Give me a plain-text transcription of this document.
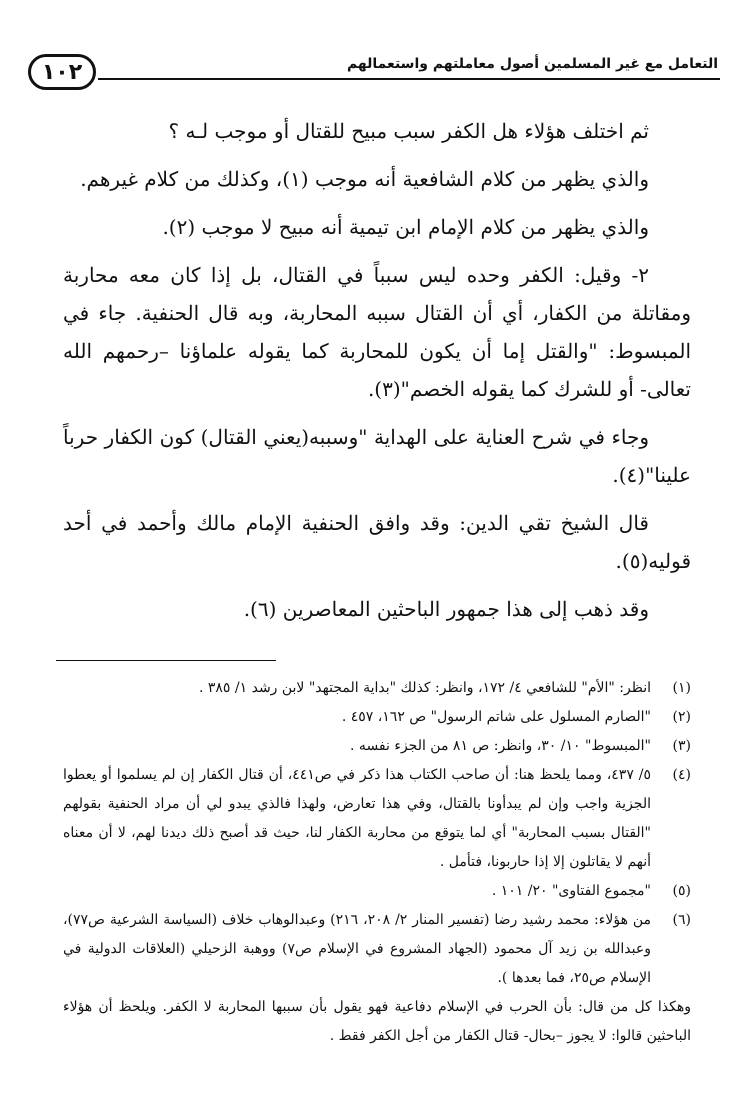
التعامل مع غير المسلمين أصول معاملتهم واستعمالهم
١٠٢

ثم اختلف هؤلاء هل الكفر سبب مبيح للقتال أو موجب لـه ؟

والذي يظهر من كلام الشافعية أنه موجب (١)، وكذلك من كلام غيرهم.

والذي يظهر من كلام الإمام ابن تيمية أنه مبيح لا موجب (٢).

٢- وقيل: الكفر وحده ليس سبباً في القتال، بل إذا كان معه محاربة ومقاتلة من الكفار، أي أن القتال سببه المحاربة، وبه قال الحنفية. جاء في المبسوط: "والقتل إما أن يكون للمحاربة كما يقوله علماؤنا –رحمهم الله تعالى- أو للشرك كما يقوله الخصم"(٣).

وجاء في شرح العناية على الهداية "وسببه(يعني القتال) كون الكفار حرباً علينا"(٤).

قال الشيخ تقي الدين: وقد وافق الحنفية الإمام مالك وأحمد في أحد قوليه(٥).

وقد ذهب إلى هذا جمهور الباحثين المعاصرين (٦).

(١)
انظر: "الأم" للشافعي ٤/ ١٧٢، وانظر: كذلك "بداية المجتهد" لابن رشد ١/ ٣٨٥ .
(٢)
"الصارم المسلول على شاتم الرسول" ص ١٦٢، ٤٥٧ .
(٣)
"المبسوط" ١٠/ ٣٠، وانظر: ص ٨١ من الجزء نفسه .
(٤)
٥/ ٤٣٧، ومما يلحظ هنا: أن صاحب الكتاب هذا ذكر في ص٤٤١، أن قتال الكفار إن لم يسلموا أو يعطوا الجزية واجب وإن لم يبدأونا بالقتال، وفي هذا تعارض، ولهذا فالذي يبدو لي أن مراد الحنفية بقولهم "القتال بسبب المحاربة" أي لما يتوقع من محاربة الكفار لنا، حيث قد أصبح ذلك ديدنا لهم، لا أن معناه أنهم لا يقاتلون إلا إذا حاربونا، فتأمل .
(٥)
"مجموع الفتاوى" ٢٠/ ١٠١ .
(٦)
من هؤلاء: محمد رشيد رضا (تفسير المنار ٢/ ٢٠٨، ٢١٦) وعبدالوهاب خلاف (السياسة الشرعية ص٧٧)، وعبدالله بن زيد آل محمود (الجهاد المشروع في الإسلام ص٧) ووهبة الزحيلي (العلاقات الدولية في الإسلام ص٢٥، فما بعدها ).

وهكذا كل من قال: بأن الحرب في الإسلام دفاعية فهو يقول بأن سببها المحاربة لا الكفر. ويلحظ أن هؤلاء الباحثين قالوا: لا يجوز –بحال- قتال الكفار من أجل الكفر فقط .
